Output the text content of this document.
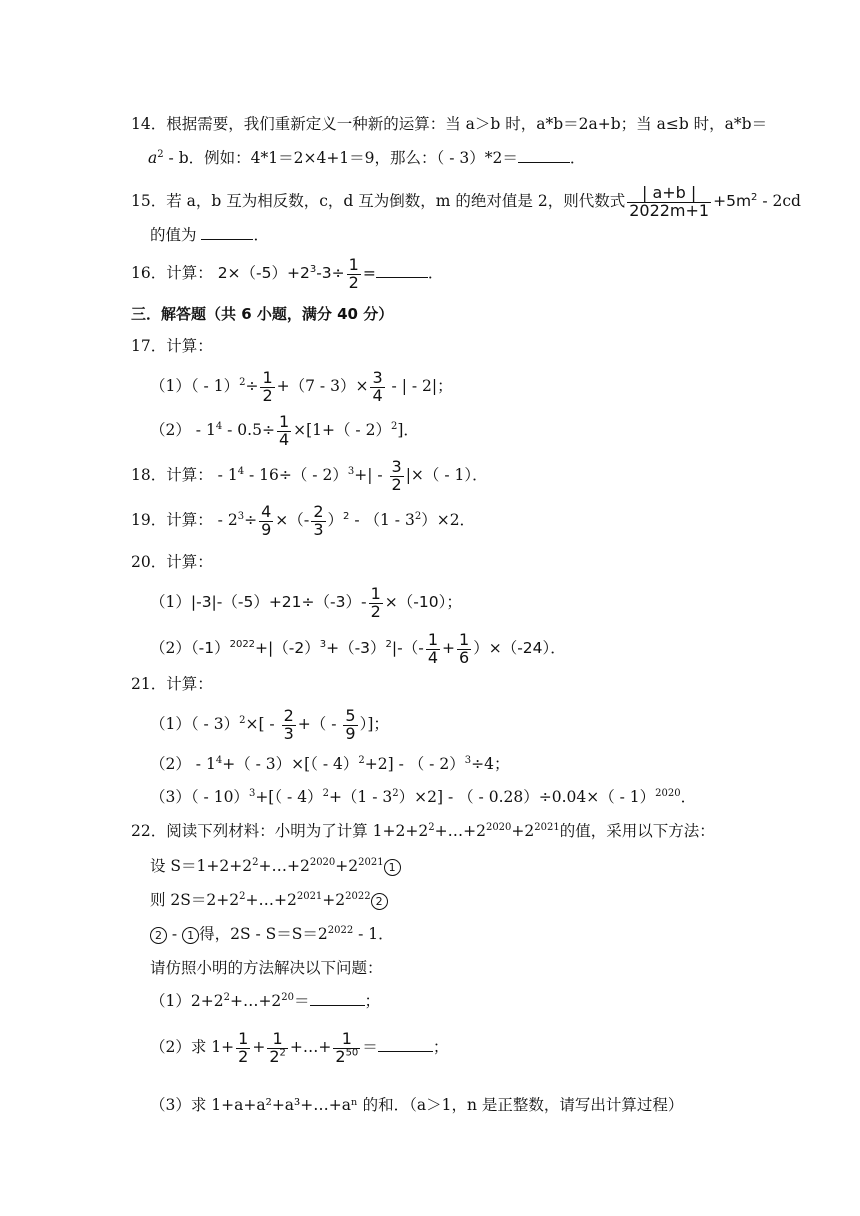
14．根据需要，我们重新定义一种新的运算：当 a＞b 时，a*b＝2a+b；当 a≤b 时，a*b＝
$a^2$ - b．例如：4*1＝2×4+1＝9，那么：（ - 3）*2＝	．
15．若 a，b 互为相反数，c，d 互为倒数，m 的绝对值是 2，则代数式 $\frac{| a+b |}{2022m+1} +5m^2 - 2cd$
的值为	．
16．计算： $2\times(-5)+2^3-3\div \frac{1}{2}$ =	．
三．解答题（共 6 小题，满分 40 分）
17．计算：
$(1)( - 1)^2\div \frac{1}{2} +(7 - 3)\times \frac{3}{4}$ - | - 2|；
$(2) - 1^4 - 0.5\div \frac{1}{4} \times[1+( - 2)^2]$．
18．计算： - $1^4 - 16\div( - 2)^3+| - \frac{3}{2}$ |×（ - 1）．
19．计算： - $2^3\div \frac{4}{9}$ ×（- $\frac{2}{3} )^2 - (1 - 3^2)\times 2$．
20．计算：
$(1)|-3|-(-5)+21\div(-3)- \frac{1}{2} \times(-10)$；
$(2)(-1)^{2022}+|(-2)^3+(-3)^2|-(- \frac{1}{4} + \frac{1}{6} )\times(-24)$．
21．计算：
$(1)( - 3)^2\times[ - \frac{2}{3}$ +（ - $\frac{5}{9}$ ）]；
$(2) - 1^4+( - 3)\times[( - 4)^2+2]$ - （ - 2）$^3$÷4；
$(3)( - 10)^3+[( - 4)^2+(1 - 3^2)\times 2]$ - （ - 0.28）÷0.04×（ - 1）$^{2020}$．
22．阅读下列材料：小明为了计算 $1+2+2^2+\dots+2^{2020}+2^{2021}$的值，采用以下方法：
设 $S=1+2+2^2+\dots+2^{2020}+2^{2021}$ 1
则 $2S=2+2^2+\dots+2^{2021}+2^{2022}$ 2
2 - 1 得，$2S - S=S=2^{2022} - 1$．
请仿照小明的方法解决以下问题：
$(1)2+2^2+\dots+2^{20}=$	；
（2）求 $1+ \frac{1}{2} + \frac{1}{2^2}$ +…+ $\frac{1}{2^{50}}$ ＝	；
（3）求 1+a+a²+a³+…+aⁿ 的和．（a＞1，n 是正整数，请写出计算过程）
